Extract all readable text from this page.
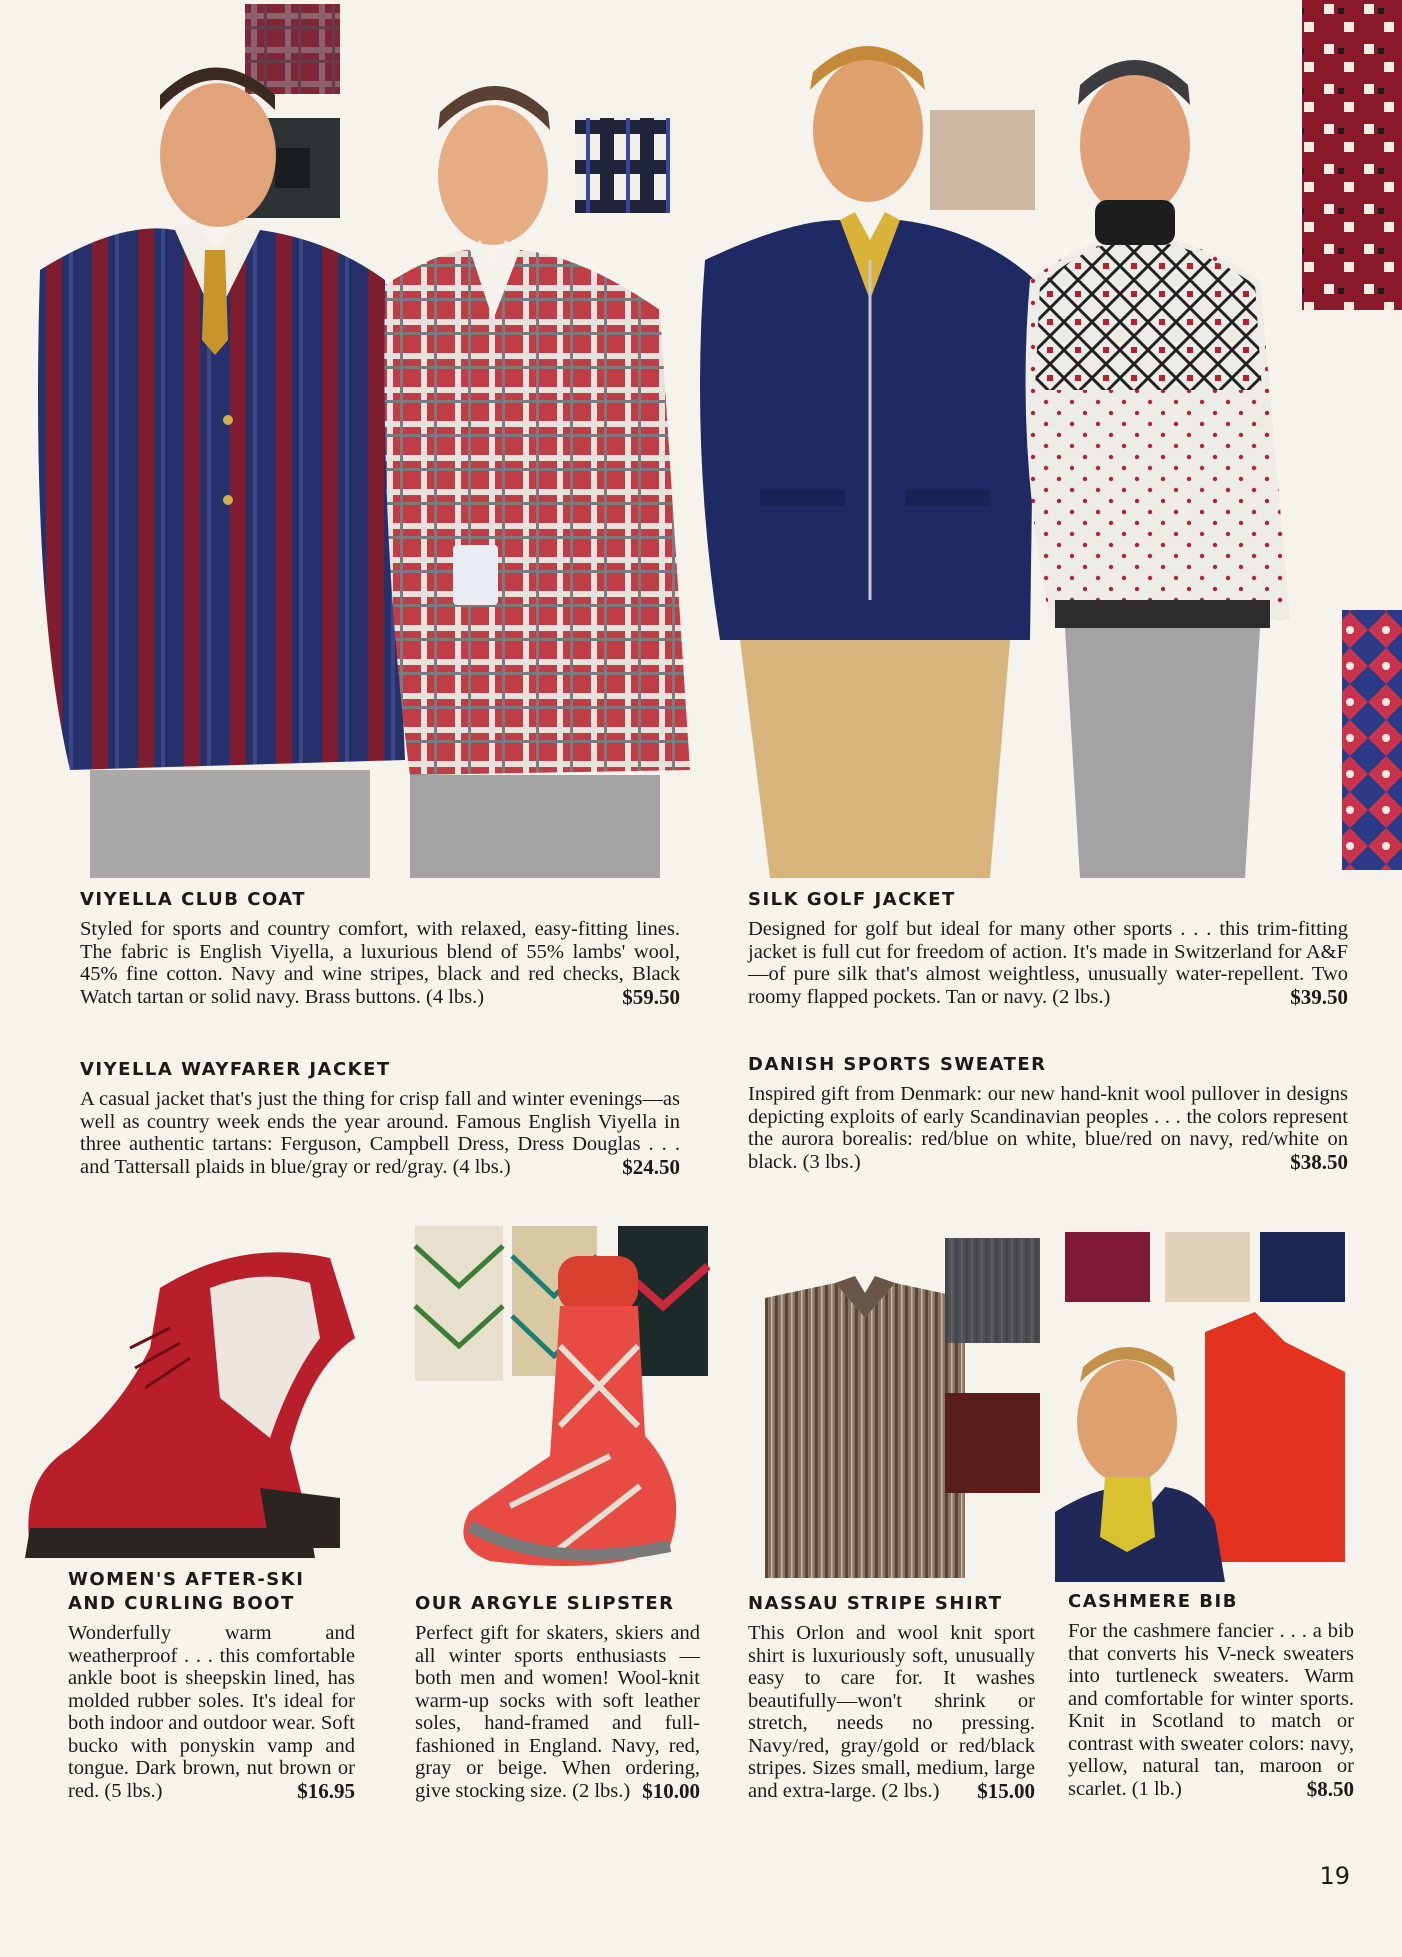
VIYELLA CLUB COAT
Styled for sports and country comfort, with relaxed, easy-fitting lines. The fabric is English Viyella, a luxurious blend of 55% lambs' wool, 45% fine cotton. Navy and wine stripes, black and red checks, Black Watch tartan or solid navy. Brass buttons. (4 lbs.)	$59.50
SILK GOLF JACKET
Designed for golf but ideal for many other sports . . . this trim-fitting jacket is full cut for freedom of action. It's made in Switzerland for A&F—of pure silk that's almost weightless, unusually water-repellent. Two roomy flapped pockets. Tan or navy. (2 lbs.)	$39.50
VIYELLA WAYFARER JACKET
A casual jacket that's just the thing for crisp fall and winter evenings—as well as country week ends the year around. Famous English Viyella in three authentic tartans: Ferguson, Campbell Dress, Dress Douglas . . . and Tattersall plaids in blue/gray or red/gray. (4 lbs.)	$24.50
DANISH SPORTS SWEATER
Inspired gift from Denmark: our new hand-knit wool pullover in designs depicting exploits of early Scandinavian peoples . . . the colors represent the aurora borealis: red/blue on white, blue/red on navy, red/white on black. (3 lbs.)	$38.50
WOMEN'S AFTER-SKI
AND CURLING BOOT
Wonderfully warm and weatherproof . . . this comfortable ankle boot is sheepskin lined, has molded rubber soles. It's ideal for both indoor and outdoor wear. Soft bucko with ponyskin vamp and tongue. Dark brown, nut brown or red. (5 lbs.)	$16.95
OUR ARGYLE SLIPSTER
Perfect gift for skaters, skiers and all winter sports enthusiasts — both men and women! Wool-knit warm-up socks with soft leather soles, hand-framed and full-fashioned in England. Navy, red, gray or beige. When ordering, give stocking size. (2 lbs.) $10.00
NASSAU STRIPE SHIRT
This Orlon and wool knit sport shirt is luxuriously soft, unusually easy to care for. It washes beautifully—won't shrink or stretch, needs no pressing. Navy/red, gray/gold or red/black stripes. Sizes small, medium, large and extra-large. (2 lbs.) $15.00
CASHMERE BIB
For the cashmere fancier . . . a bib that converts his V-neck sweaters into turtleneck sweaters. Warm and comfortable for winter sports. Knit in Scotland to match or contrast with sweater colors: navy, yellow, natural tan, maroon or scarlet. (1 lb.)	$8.50
19
